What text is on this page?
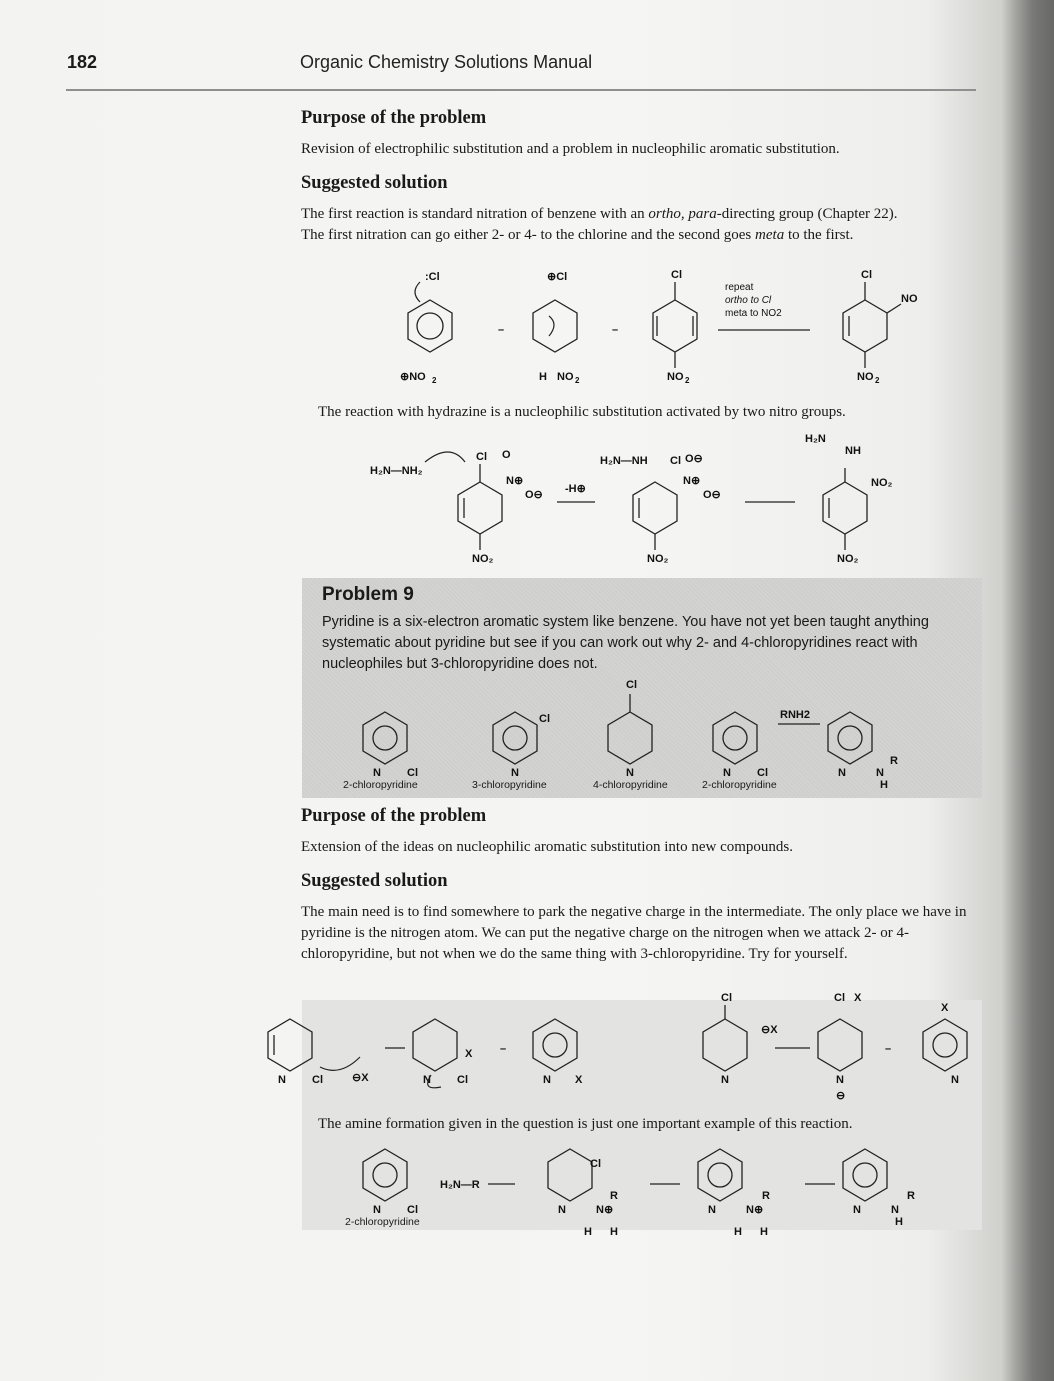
182	Organic Chemistry Solutions Manual
Purpose of the problem
Revision of electrophilic substitution and a problem in nucleophilic aromatic substitution.
Suggested solution
The first reaction is standard nitration of benzene with an ortho, para-directing group (Chapter 22).
The first nitration can go either 2- or 4- to the chlorine and the second goes meta to the first.
:Cl
⊕NO 2
–
⊕Cl
H NO 2
–
Cl
NO 2
repeat
ortho to Cl
meta to NO2
Cl
NO
NO 2
The reaction with hydrazine is a nucleophilic substitution activated by two nitro groups.
H₂N—NH₂
Cl
N⊕
O⊖
O
NO₂
-H⊕
H₂N—NH Cl
N⊕
O⊖
O⊖
NO₂
H₂N
NH
NO₂
NO₂
Problem 9
Pyridine is a six-electron aromatic system like benzene. You have not yet been taught anything systematic about pyridine but see if you can work out why 2- and 4-chloropyridines react with nucleophiles but 3-chloropyridine does not.
N Cl
Cl
N
Cl
N	N Cl
RNH2
N	N
R
H
2-chloropyridine	3-chloropyridine	4-chloropyridine	2-chloropyridine
Purpose of the problem
Extension of the ideas on nucleophilic aromatic substitution into new compounds.
Suggested solution
The main need is to find somewhere to park the negative charge in the intermediate. The only place we have in pyridine is the nitrogen atom. We can put the negative charge on the nitrogen when we attack 2- or 4-chloropyridine, but not when we do the same thing with 3-chloropyridine. Try for yourself.
N Cl	⊖X	N Cl
X	–
N X
Cl
N
⊖X
Cl X
N
⊖
–
X
N
The amine formation given in the question is just one important example of this reaction.
N Cl
H₂N—R
N	N⊕
H H
R
Cl
N	N⊕
H H
R
N	N
R
H
2-chloropyridine
